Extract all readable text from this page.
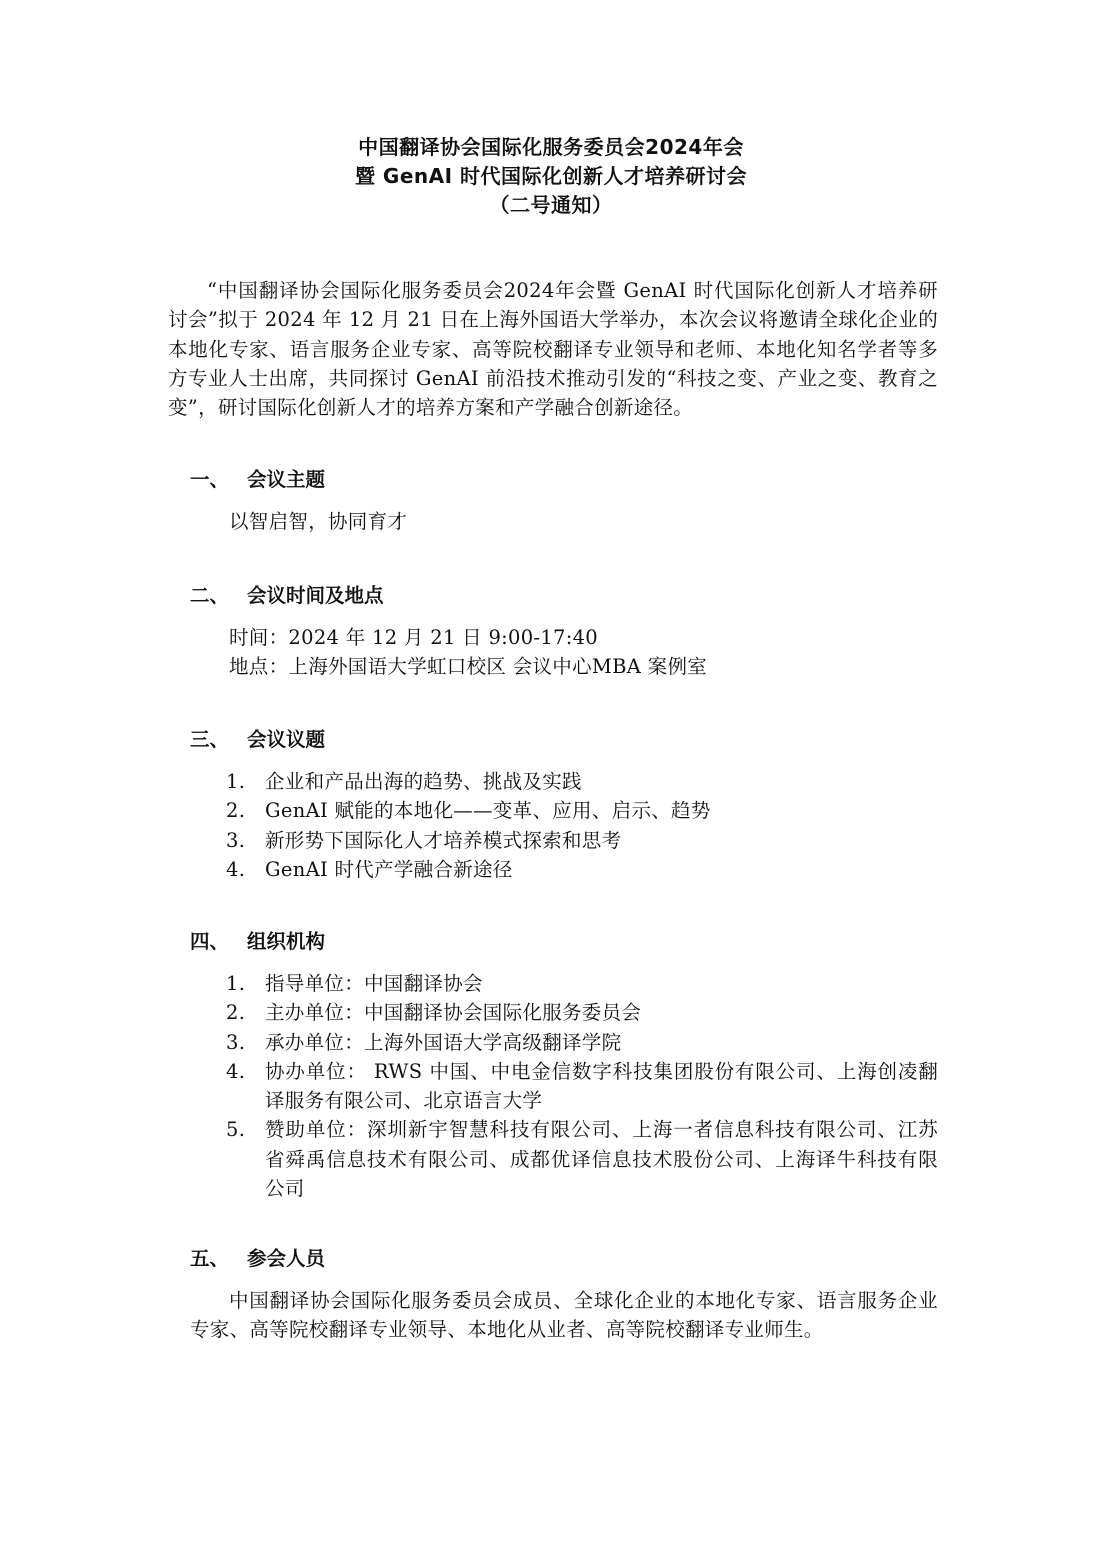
中国翻译协会国际化服务委员会2024年会
暨 GenAI 时代国际化创新人才培养研讨会
（二号通知）
“中国翻译协会国际化服务委员会2024年会暨 GenAI 时代国际化创新人才培养研讨会”拟于 2024 年 12 月 21 日在上海外国语大学举办，本次会议将邀请全球化企业的本地化专家、语言服务企业专家、高等院校翻译专业领导和老师、本地化知名学者等多方专业人士出席，共同探讨 GenAI 前沿技术推动引发的“科技之变、产业之变、教育之变”，研讨国际化创新人才的培养方案和产学融合创新途径。
一、 会议主题
以智启智，协同育才
二、 会议时间及地点
时间：2024 年 12 月 21 日 9:00-17:40
地点：上海外国语大学虹口校区 会议中心MBA 案例室
三、 会议议题
1.	企业和产品出海的趋势、挑战及实践
2.	GenAI 赋能的本地化——变革、应用、启示、趋势
3.	新形势下国际化人才培养模式探索和思考
4.	GenAI 时代产学融合新途径
四、 组织机构
1.	指导单位：中国翻译协会
2.	主办单位：中国翻译协会国际化服务委员会
3.	承办单位：上海外国语大学高级翻译学院
4.	协办单位： RWS 中国、中电金信数字科技集团股份有限公司、上海创凌翻译服务有限公司、北京语言大学
5.	赞助单位：深圳新宇智慧科技有限公司、上海一者信息科技有限公司、江苏省舜禹信息技术有限公司、成都优译信息技术股份公司、上海译牛科技有限公司
五、 参会人员
中国翻译协会国际化服务委员会成员、全球化企业的本地化专家、语言服务企业专家、高等院校翻译专业领导、本地化从业者、高等院校翻译专业师生。
